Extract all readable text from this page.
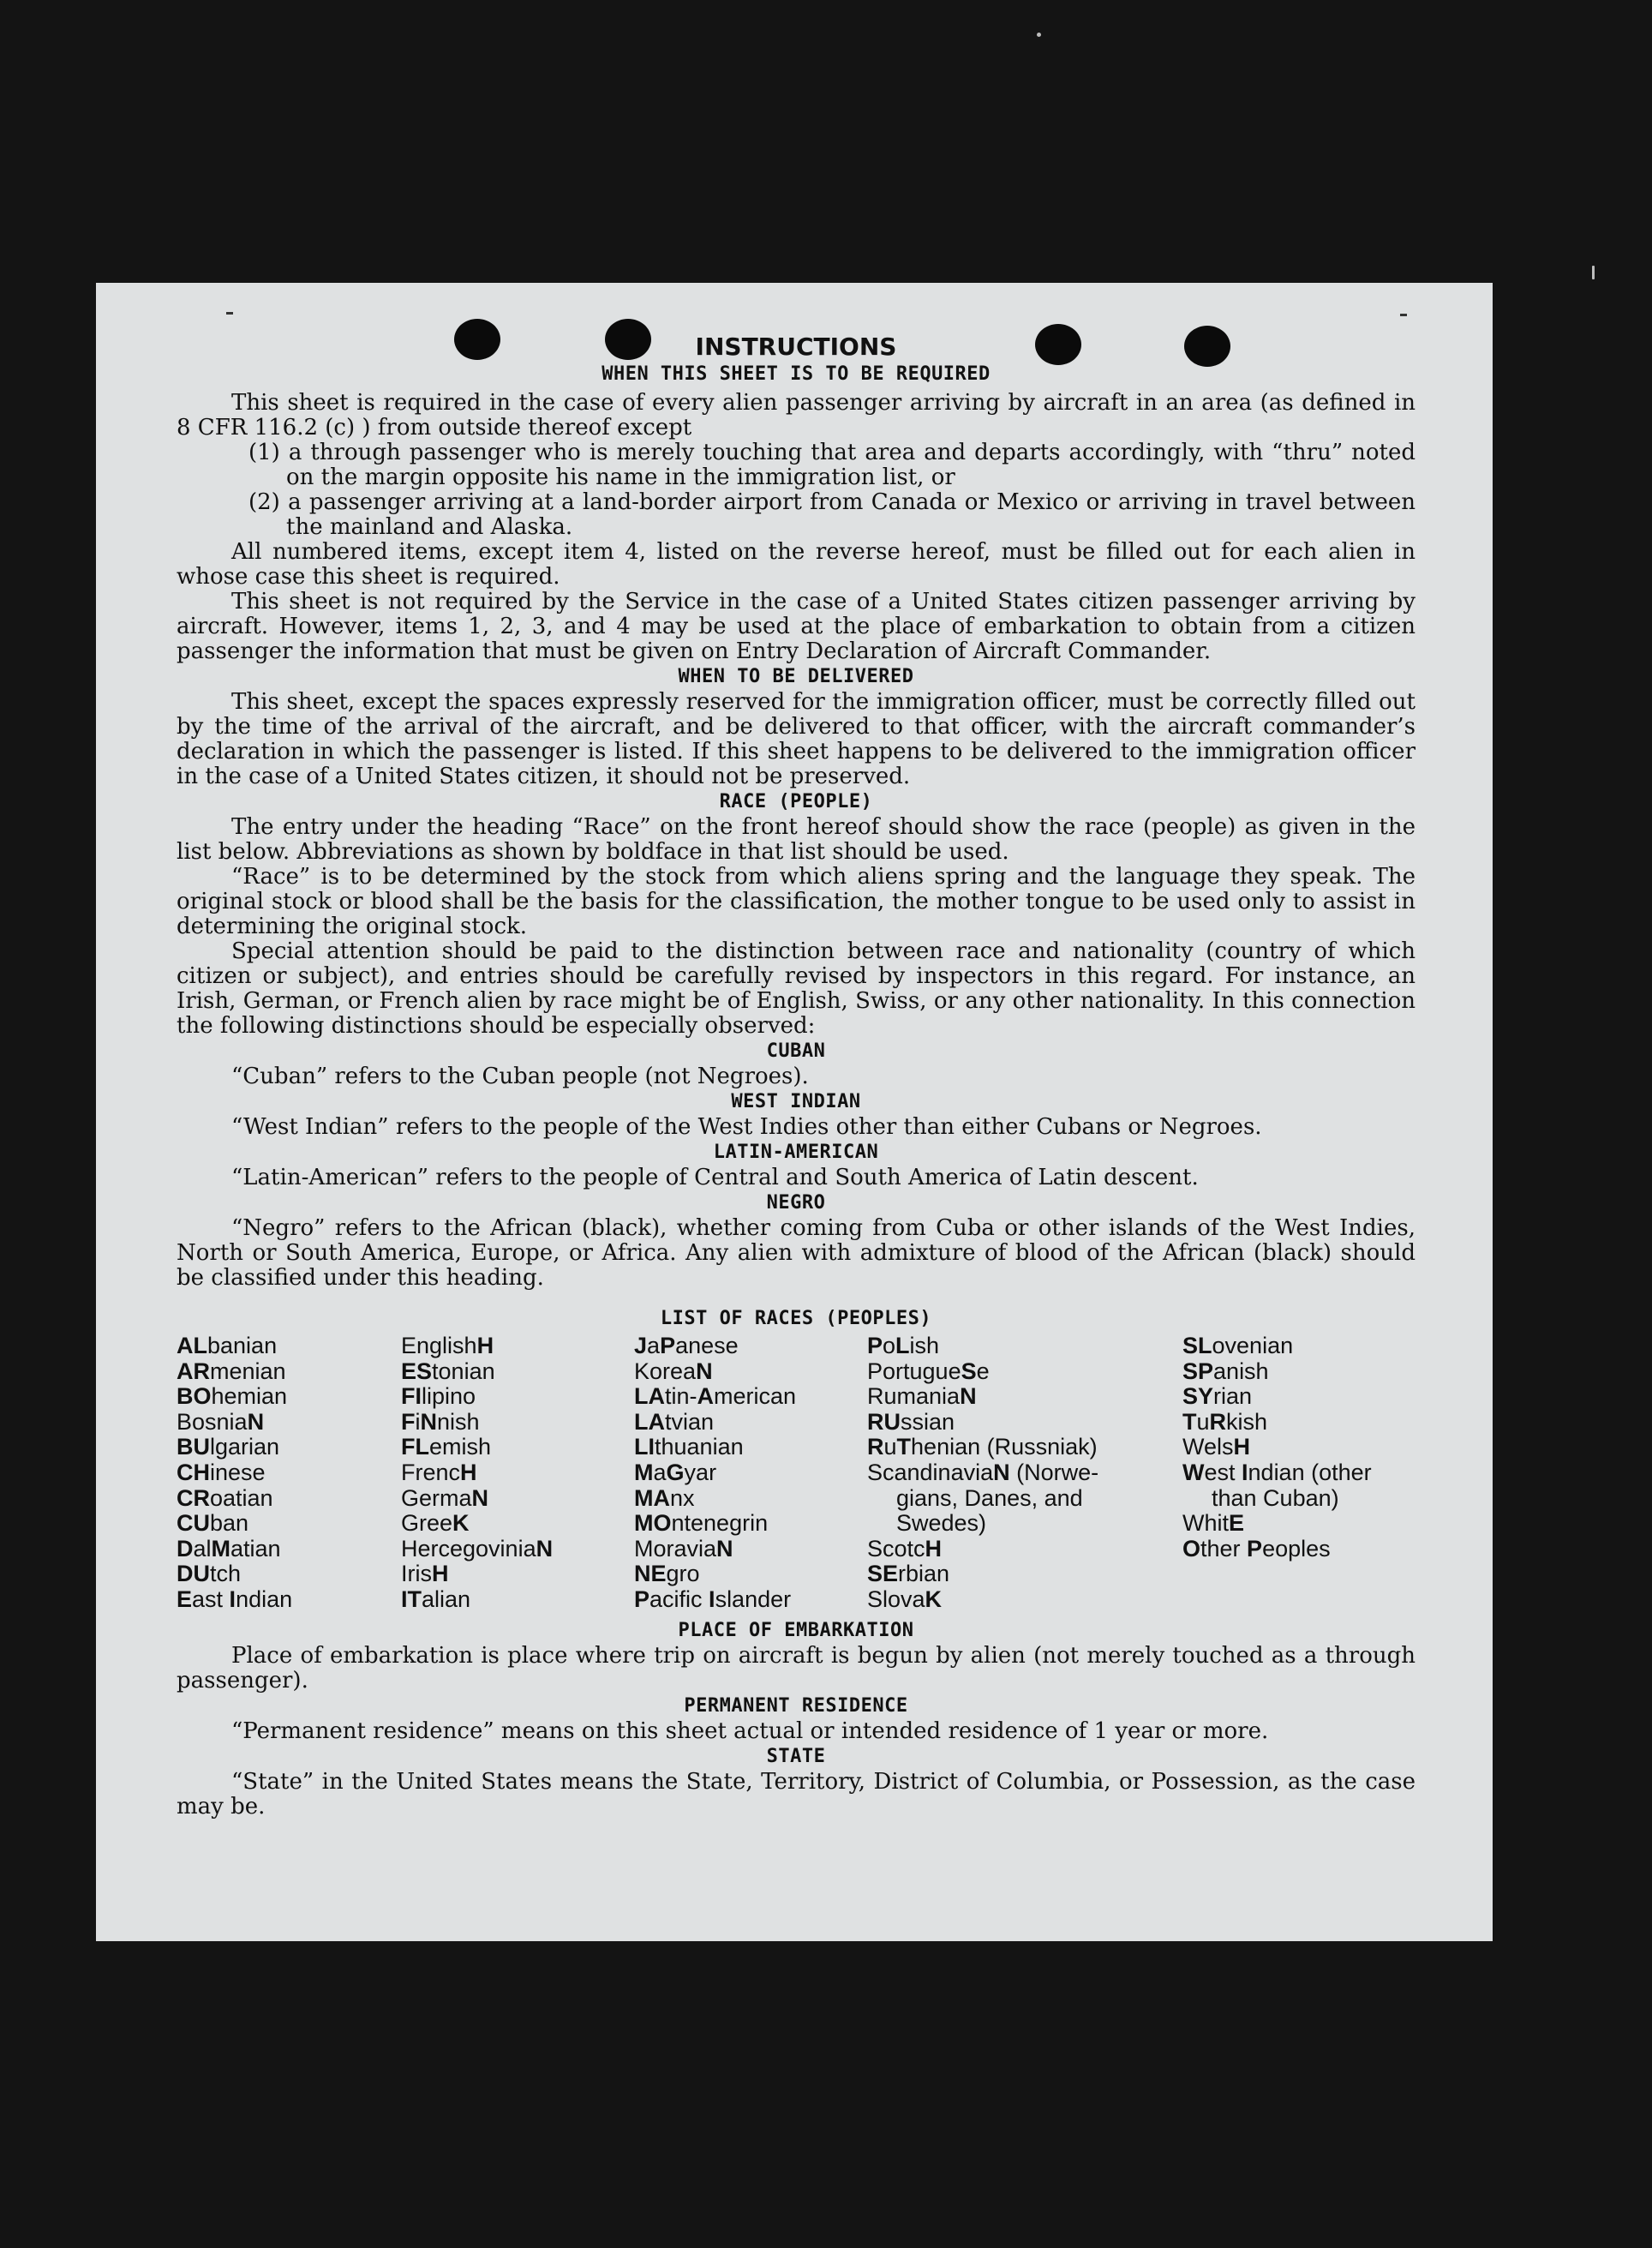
INSTRUCTIONS
WHEN THIS SHEET IS TO BE REQUIRED

This sheet is required in the case of every alien passenger arriving by aircraft in an area (as defined in 8 CFR 116.2 (c) ) from outside thereof except

(1) a through passenger who is merely touching that area and departs accordingly, with “thru” noted on the margin opposite his name in the immigration list, or

(2) a passenger arriving at a land-border airport from Canada or Mexico or arriving in travel between the mainland and Alaska.

All numbered items, except item 4, listed on the reverse hereof, must be filled out for each alien in whose case this sheet is required.

This sheet is not required by the Service in the case of a United States citizen passenger arriving by aircraft. However, items 1, 2, 3, and 4 may be used at the place of embarkation to obtain from a citizen passenger the information that must be given on Entry Declaration of Aircraft Commander.

WHEN TO BE DELIVERED

This sheet, except the spaces expressly reserved for the immigration officer, must be correctly filled out by the time of the arrival of the aircraft, and be delivered to that officer, with the aircraft commander’s declaration in which the passenger is listed. If this sheet happens to be delivered to the immigration officer in the case of a United States citizen, it should not be preserved.

RACE (PEOPLE)

The entry under the heading “Race” on the front hereof should show the race (people) as given in the list below. Abbreviations as shown by boldface in that list should be used.

“Race” is to be determined by the stock from which aliens spring and the language they speak. The original stock or blood shall be the basis for the classification, the mother tongue to be used only to assist in determining the original stock.

Special attention should be paid to the distinction between race and nationality (country of which citizen or subject), and entries should be carefully revised by inspectors in this regard. For instance, an Irish, German, or French alien by race might be of English, Swiss, or any other nationality. In this connection the following distinctions should be especially observed:

CUBAN

“Cuban” refers to the Cuban people (not Negroes).

WEST INDIAN

“West Indian” refers to the people of the West Indies other than either Cubans or Negroes.

LATIN-AMERICAN

“Latin-American” refers to the people of Central and South America of Latin descent.

NEGRO

“Negro” refers to the African (black), whether coming from Cuba or other islands of the West Indies, North or South America, Europe, or Africa. Any alien with admixture of blood of the African (black) should be classified under this heading.

LIST OF RACES (PEOPLES)
ALbanian
ARmenian
BOhemian
BosniaN
BUlgarian
CHinese
CRoatian
CUban
DalMatian
DUtch
East Indian
EnglishH
EStonian
FIlipino
FiNnish
FLemish
FrencH
GermaN
GreeK
HercegoviniaN
IrisH
ITalian
JaPanese
KoreaN
LAtin-American
LAtvian
LIthuanian
MaGyar
MAnx
MOntenegrin
MoraviaN
NEgro
Pacific Islander
PoLish
PortugueSe
RumaniaN
RUssian
RuThenian (Russniak)
ScandinaviaN (Norwe-
gians, Danes, and
Swedes)
ScotcH
SErbian
SlovaK
SLovenian
SPanish
SYrian
TuRkish
WelsH
West Indian (other
than Cuban)
WhitE
Other Peoples
PLACE OF EMBARKATION

Place of embarkation is place where trip on aircraft is begun by alien (not merely touched as a through passenger).

PERMANENT RESIDENCE

“Permanent residence” means on this sheet actual or intended residence of 1 year or more.

STATE

“State” in the United States means the State, Territory, District of Columbia, or Possession, as the case may be.
